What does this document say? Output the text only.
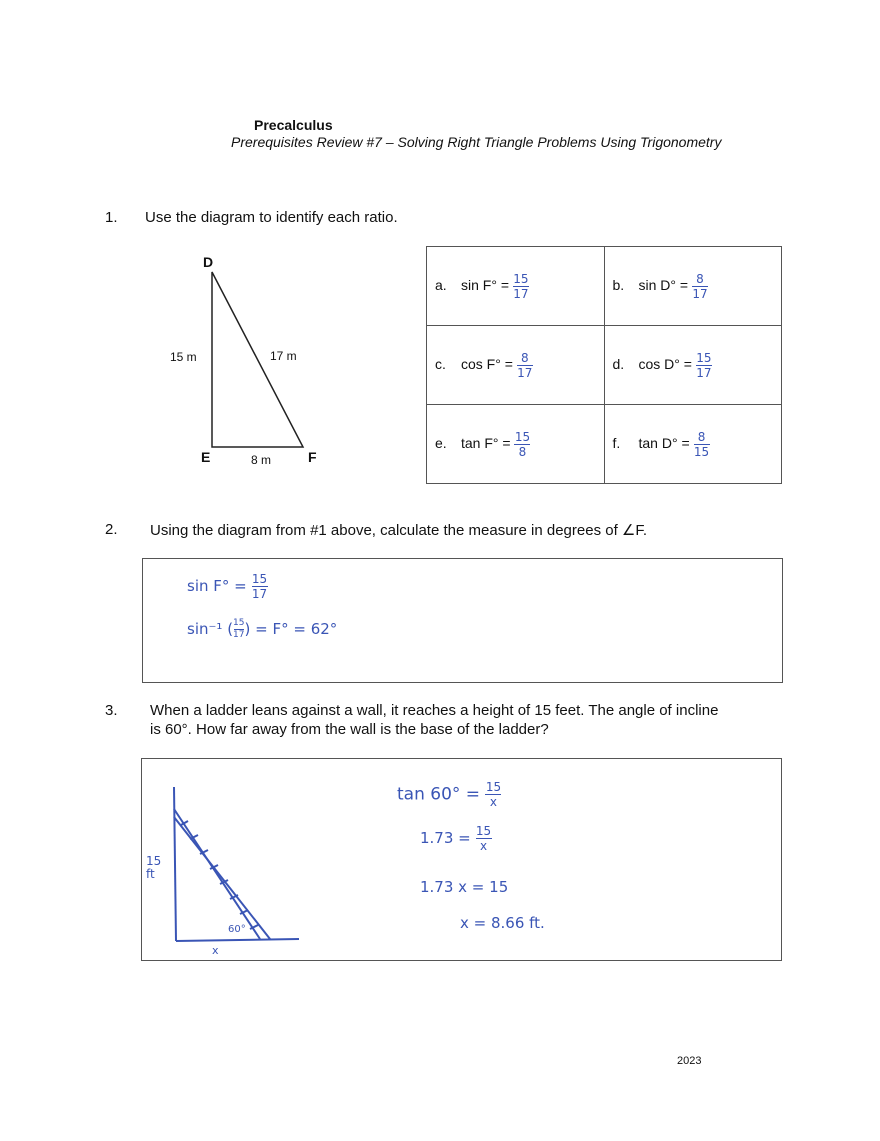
Precalculus
Prerequisites Review #7 – Solving Right Triangle Problems Using Trigonometry
1. Use the diagram to identify each ratio.
D
E	F
15 m	17 m
8 m
a. $\sin F^\circ = \frac{15}{17}$	b. $\sin D^\circ = \frac{8}{17}$

c. $\cos F^\circ = \frac{8}{17}$	d. $\cos D^\circ = \frac{15}{17}$

e. $\tan F^\circ = \frac{15}{8}$	f. $\tan D^\circ = \frac{8}{15}$
2. Using the diagram from #1 above, calculate the measure in degrees of ∠F.
$\sin F^\circ = \frac{15}{17}$
sin⁻¹ ( $\frac{15}{17}$ ) = F° = 62°
3. When a ladder leans against a wall, it reaches a height of 15 feet. The angle of incline
is 60°. How far away from the wall is the base of the ladder?
15
ft
60°
x
$\tan 60^\circ = \frac{15}{x}$
$1.73 = \frac{15}{x}$
1.73 x = 15
x = 8.66 ft.
2023
